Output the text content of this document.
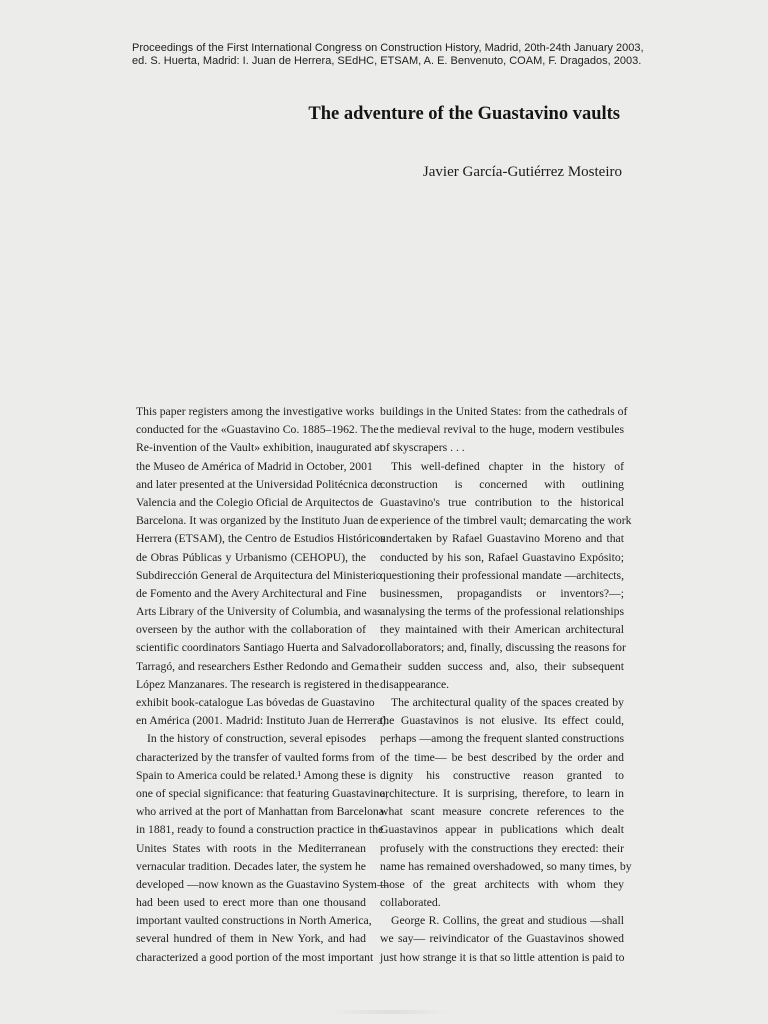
Proceedings of the First International Congress on Construction History, Madrid, 20th-24th January 2003,
ed. S. Huerta, Madrid: I. Juan de Herrera, SEdHC, ETSAM, A. E. Benvenuto, COAM, F. Dragados, 2003.
The adventure of the Guastavino vaults
Javier García-Gutiérrez Mosteiro
This paper registers among the investigative works
conducted for the «Guastavino Co. 1885–1962. The
Re-invention of the Vault» exhibition, inaugurated at
the Museo de América of Madrid in October, 2001
and later presented at the Universidad Politécnica de
Valencia and the Colegio Oficial de Arquitectos de
Barcelona. It was organized by the Instituto Juan de
Herrera (ETSAM), the Centro de Estudios Históricos
de Obras Públicas y Urbanismo (CEHOPU), the
Subdirección General de Arquitectura del Ministerio
de Fomento and the Avery Architectural and Fine
Arts Library of the University of Columbia, and was
overseen by the author with the collaboration of
scientific coordinators Santiago Huerta and Salvador
Tarragó, and researchers Esther Redondo and Gema
López Manzanares. The research is registered in the
exhibit book-catalogue Las bóvedas de Guastavino
en América (2001. Madrid: Instituto Juan de Herrera).
In the history of construction, several episodes
characterized by the transfer of vaulted forms from
Spain to America could be related.¹ Among these is
one of special significance: that featuring Guastavino,
who arrived at the port of Manhattan from Barcelona
in 1881, ready to found a construction practice in the
Unites States with roots in the Mediterranean
vernacular tradition. Decades later, the system he
developed —now known as the Guastavino System—
had been used to erect more than one thousand
important vaulted constructions in North America,
several hundred of them in New York, and had
characterized a good portion of the most important
buildings in the United States: from the cathedrals of
the medieval revival to the huge, modern vestibules
of skyscrapers . . .
This well-defined chapter in the history of
construction is concerned with outlining
Guastavino's true contribution to the historical
experience of the timbrel vault; demarcating the work
undertaken by Rafael Guastavino Moreno and that
conducted by his son, Rafael Guastavino Expósito;
questioning their professional mandate —architects,
businessmen, propagandists or inventors?—;
analysing the terms of the professional relationships
they maintained with their American architectural
collaborators; and, finally, discussing the reasons for
their sudden success and, also, their subsequent
disappearance.
The architectural quality of the spaces created by
the Guastavinos is not elusive. Its effect could,
perhaps —among the frequent slanted constructions
of the time— be best described by the order and
dignity his constructive reason granted to
architecture. It is surprising, therefore, to learn in
what scant measure concrete references to the
Guastavinos appear in publications which dealt
profusely with the constructions they erected: their
name has remained overshadowed, so many times, by
those of the great architects with whom they
collaborated.
George R. Collins, the great and studious —shall
we say— reivindicator of the Guastavinos showed
just how strange it is that so little attention is paid to
